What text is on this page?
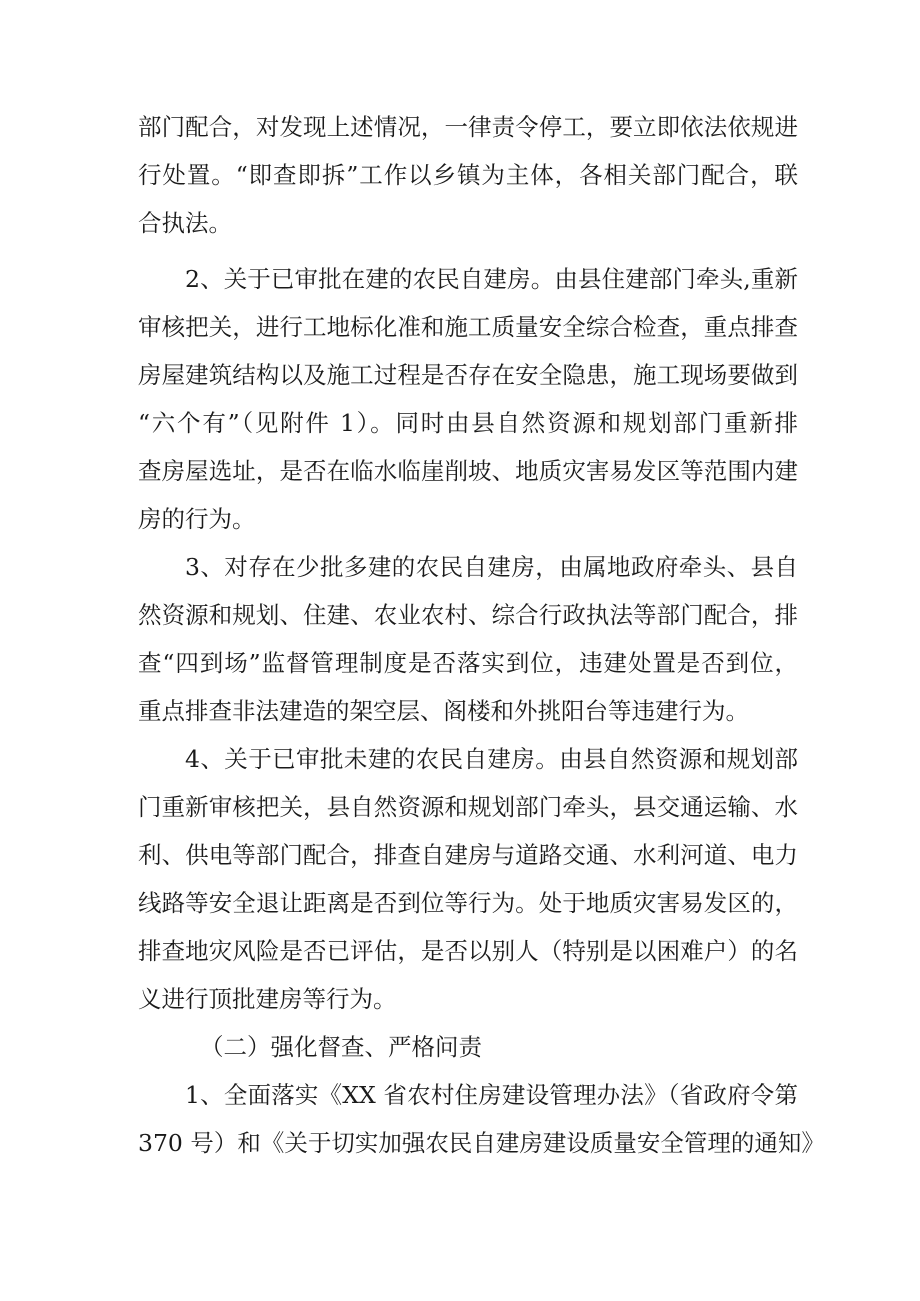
部门配合，对发现上述情况，一律责令停工，要立即依法依规进
行处置。“即查即拆”工作以乡镇为主体，各相关部门配合，联
合执法。
2、关于已审批在建的农民自建房。由县住建部门牵头,重新
审核把关，进行工地标化准和施工质量安全综合检查，重点排查
房屋建筑结构以及施工过程是否存在安全隐患，施工现场要做到
“六个有”（见附件 1）。同时由县自然资源和规划部门重新排
查房屋选址，是否在临水临崖削坡、地质灾害易发区等范围内建
房的行为。
3、对存在少批多建的农民自建房，由属地政府牵头、县自
然资源和规划、住建、农业农村、综合行政执法等部门配合，排
查“四到场”监督管理制度是否落实到位，违建处置是否到位，
重点排查非法建造的架空层、阁楼和外挑阳台等违建行为。
4、关于已审批未建的农民自建房。由县自然资源和规划部
门重新审核把关，县自然资源和规划部门牵头，县交通运输、水
利、供电等部门配合，排查自建房与道路交通、水利河道、电力
线路等安全退让距离是否到位等行为。处于地质灾害易发区的，
排查地灾风险是否已评估，是否以别人（特别是以困难户）的名
义进行顶批建房等行为。
（二）强化督查、严格问责
1、全面落实《XX 省农村住房建设管理办法》（省政府令第
370 号）和《关于切实加强农民自建房建设质量安全管理的通知》
